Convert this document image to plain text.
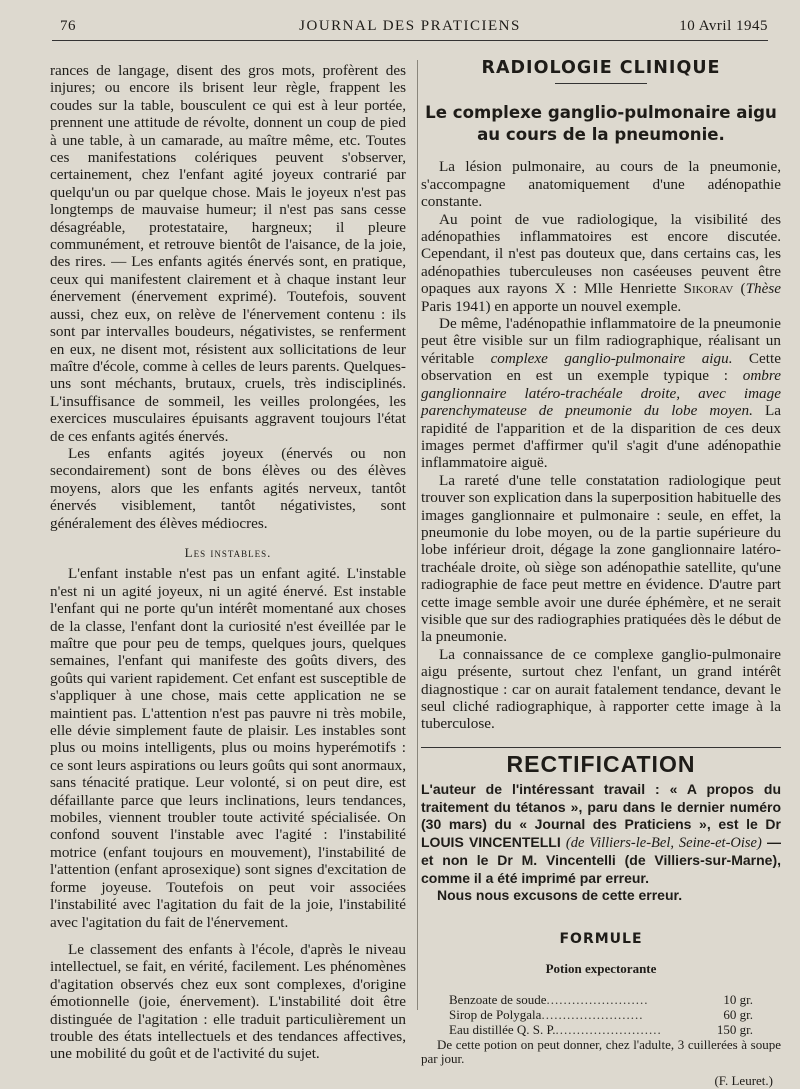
76	JOURNAL DES PRATICIENS	10 Avril 1945

rances de langage, disent des gros mots, profèrent des injures; ou encore ils brisent leur règle, frappent les coudes sur la table, bousculent ce qui est à leur portée, prennent une attitude de révolte, donnent un coup de pied à une table, à un camarade, au maître même, etc. Toutes ces manifestations colériques peuvent s'observer, certainement, chez l'enfant agité joyeux contrarié par quelqu'un ou par quelque chose. Mais le joyeux n'est pas longtemps de mauvaise humeur; il n'est pas sans cesse désagréable, protestataire, hargneux; il pleure communément, et retrouve bientôt de l'aisance, de la joie, des rires. — Les enfants agités énervés sont, en pratique, ceux qui manifestent clairement et à chaque instant leur énervement (énervement exprimé). Toutefois, souvent aussi, chez eux, on relève de l'énervement contenu : ils sont par intervalles boudeurs, négativistes, se renferment en eux, ne disent mot, résistent aux sollicitations de leur maître d'école, comme à celles de leurs parents. Quelques-uns sont méchants, brutaux, cruels, très indisciplinés. L'insuffisance de sommeil, les veilles prolongées, les exercices musculaires épuisants aggravent toujours l'état de ces enfants agités énervés.

Les enfants agités joyeux (énervés ou non secondairement) sont de bons élèves ou des élèves moyens, alors que les enfants agités nerveux, tantôt énervés visiblement, tantôt négativistes, sont généralement des élèves médiocres.

Les instables.

L'enfant instable n'est pas un enfant agité. L'instable n'est ni un agité joyeux, ni un agité énervé. Est instable l'enfant qui ne porte qu'un intérêt momentané aux choses de la classe, l'enfant dont la curiosité n'est éveillée par le maître que pour peu de temps, quelques jours, quelques semaines, l'enfant qui manifeste des goûts divers, des goûts qui varient rapidement. Cet enfant est susceptible de s'appliquer à une chose, mais cette application ne se maintient pas. L'attention n'est pas pauvre ni très mobile, elle dévie simplement faute de plaisir. Les instables sont plus ou moins intelligents, plus ou moins hyperémotifs : ce sont leurs aspirations ou leurs goûts qui sont anormaux, sans ténacité pratique. Leur volonté, si on peut dire, est défaillante parce que leurs inclinations, leurs tendances, mobiles, viennent troubler toute activité spécialisée. On confond souvent l'instable avec l'agité : l'instabilité motrice (enfant toujours en mouvement), l'instabilité de l'attention (enfant aprosexique) sont signes d'excitation de forme joyeuse. Toutefois on peut voir associées l'instabilité avec l'agitation du fait de la joie, l'instabilité avec l'agitation du fait de l'énervement.

Le classement des enfants à l'école, d'après le niveau intellectuel, se fait, en vérité, facilement. Les phénomènes d'agitation observés chez eux sont complexes, d'origine émotionnelle (joie, énervement). L'instabilité doit être distinguée de l'agitation : elle traduit particulièrement un trouble des états intellectuels et des tendances affectives, une mobilité du goût et de l'activité du sujet.

RADIOLOGIE CLINIQUE
Le complexe ganglio-pulmonaire aigu au cours de la pneumonie.

La lésion pulmonaire, au cours de la pneumonie, s'accompagne anatomiquement d'une adénopathie constante.

Au point de vue radiologique, la visibilité des adénopathies inflammatoires est encore discutée. Cependant, il n'est pas douteux que, dans certains cas, les adénopathies tuberculeuses non caséeuses peuvent être opaques aux rayons X : Mlle Henriette Sikorav (Thèse Paris 1941) en apporte un nouvel exemple.

De même, l'adénopathie inflammatoire de la pneumonie peut être visible sur un film radiographique, réalisant un véritable complexe ganglio-pulmonaire aigu. Cette observation en est un exemple typique : ombre ganglionnaire latéro-trachéale droite, avec image parenchymateuse de pneumonie du lobe moyen. La rapidité de l'apparition et de la disparition de ces deux images permet d'affirmer qu'il s'agit d'une adénopathie inflammatoire aiguë.

La rareté d'une telle constatation radiologique peut trouver son explication dans la superposition habituelle des images ganglionnaire et pulmonaire : seule, en effet, la pneumonie du lobe moyen, ou de la partie supérieure du lobe inférieur droit, dégage la zone ganglionnaire latéro-trachéale droite, où siège son adénopathie satellite, qu'une radiographie de face peut mettre en évidence. D'autre part cette image semble avoir une durée éphémère, et ne serait visible que sur des radiographies pratiquées dès le début de la pneumonie.

La connaissance de ce complexe ganglio-pulmonaire aigu présente, surtout chez l'enfant, un grand intérêt diagnostique : car on aurait fatalement tendance, devant le seul cliché radiographique, à rapporter cette image à la tuberculose.

RECTIFICATION
L'auteur de l'intéressant travail : « A propos du traitement du tétanos », paru dans le dernier numéro (30 mars) du « Journal des Praticiens », est le Dr LOUIS VINCENTELLI (de Villiers-le-Bel, Seine-et-Oise) — et non le Dr M. Vincentelli (de Villiers-sur-Marne), comme il a été imprimé par erreur.
Nous nous excusons de cette erreur.
FORMULE
Potion expectorante
Benzoate de soude........................	10 gr.
Sirop de Polygala........................	60 gr.
Eau distillée Q. S. P..........................	150 gr.
De cette potion on peut donner, chez l'adulte, 3 cuillerées à soupe par jour.
(F. Leuret.)
